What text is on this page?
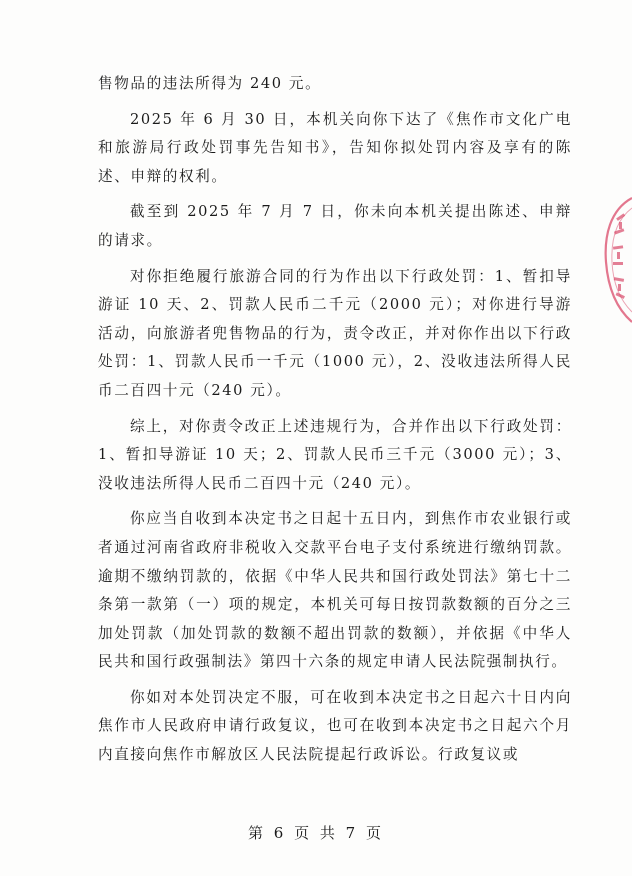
售物品的违法所得为 240 元。

2025 年 6 月 30 日，本机关向你下达了《焦作市文化广电和旅游局行政处罚事先告知书》，告知你拟处罚内容及享有的陈述、申辩的权利。

截至到 2025 年 7 月 7 日，你未向本机关提出陈述、申辩的请求。

对你拒绝履行旅游合同的行为作出以下行政处罚：1、暂扣导游证 10 天、2、罚款人民币二千元（2000 元）；对你进行导游活动，向旅游者兜售物品的行为，责令改正，并对你作出以下行政处罚：1、罚款人民币一千元（1000 元），2、没收违法所得人民币二百四十元（240 元）。

综上，对你责令改正上述违规行为，合并作出以下行政处罚：1、暂扣导游证 10 天；2、罚款人民币三千元（3000 元）；3、没收违法所得人民币二百四十元（240 元）。

你应当自收到本决定书之日起十五日内，到焦作市农业银行或者通过河南省政府非税收入交款平台电子支付系统进行缴纳罚款。逾期不缴纳罚款的，依据《中华人民共和国行政处罚法》第七十二条第一款第（一）项的规定，本机关可每日按罚款数额的百分之三加处罚款（加处罚款的数额不超出罚款的数额），并依据《中华人民共和国行政强制法》第四十六条的规定申请人民法院强制执行。

你如对本处罚决定不服，可在收到本决定书之日起六十日内向焦作市人民政府申请行政复议，也可在收到本决定书之日起六个月内直接向焦作市解放区人民法院提起行政诉讼。行政复议或

第 6 页 共 7 页
